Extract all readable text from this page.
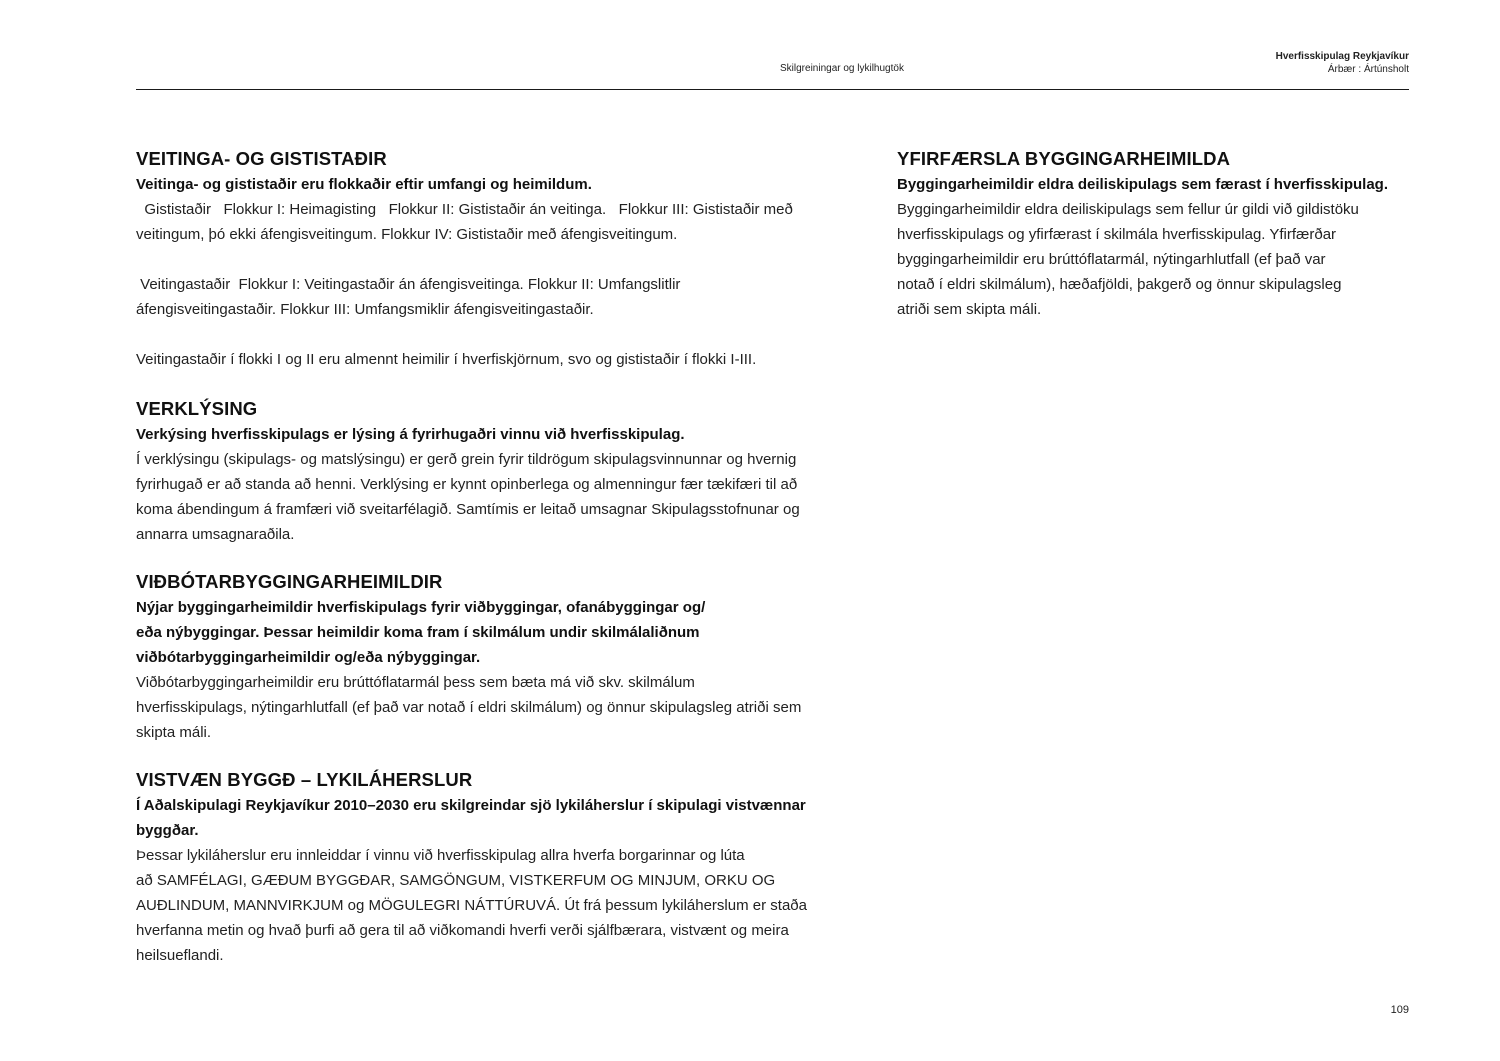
Skilgreiningar og lykilhugtök
Hverfisskipulag Reykjavíkur
Árbær : Ártúnsholt
VEITINGA- OG GISTISTAÐIR

Veitinga- og gististaðir eru flokkaðir eftir umfangi og heimildum.

Gististaðir   Flokkur I: Heimagisting   Flokkur II: Gististaðir án veitinga.   Flokkur III: Gististaðir með

veitingum, þó ekki áfengisveitingum. Flokkur IV: Gististaðir með áfengisveitingum.

Veitingastaðir  Flokkur I: Veitingastaðir án áfengisveitinga. Flokkur II: Umfangslitlir

áfengisveitingastaðir. Flokkur III: Umfangsmiklir áfengisveitingastaðir.

Veitingastaðir í flokki I og II eru almennt heimilir í hverfiskjörnum, svo og gististaðir í flokki I-III.

VERKLÝSING

Verkýsing hverfisskipulags er lýsing á fyrirhugaðri vinnu við hverfisskipulag.

Í verklýsingu (skipulags- og matslýsingu) er gerð grein fyrir tildrögum skipulagsvinnunnar og hvernig

fyrirhugað er að standa að henni. Verklýsing er kynnt opinberlega og almenningur fær tækifæri til að

koma ábendingum á framfæri við sveitarfélagið. Samtímis er leitað umsagnar Skipulagsstofnunar og

annarra umsagnaraðila.

VIÐBÓTARBYGGINGARHEIMILDIR

Nýjar byggingarheimildir hverfiskipulags fyrir viðbyggingar, ofanábyggingar og/

eða nýbyggingar. Þessar heimildir koma fram í skilmálum undir skilmálaliðnum

viðbótarbyggingarheimildir og/eða nýbyggingar.

Viðbótarbyggingarheimildir eru brúttóflatarmál þess sem bæta má við skv. skilmálum

hverfisskipulags, nýtingarhlutfall (ef það var notað í eldri skilmálum) og önnur skipulagsleg atriði sem

skipta máli.

VISTVÆN BYGGÐ – LYKILÁHERSLUR

Í Aðalskipulagi Reykjavíkur 2010–2030 eru skilgreindar sjö lykiláherslur í skipulagi vistvænnar

byggðar.

Þessar lykiláherslur eru innleiddar í vinnu við hverfisskipulag allra hverfa borgarinnar og lúta

að SAMFÉLAGI, GÆÐUM BYGGÐAR, SAMGÖNGUM, VISTKERFUM OG MINJUM, ORKU OG

AUÐLINDUM, MANNVIRKJUM og MÖGULEGRI NÁTTÚRUVÁ. Út frá þessum lykiláherslum er staða

hverfanna metin og hvað þurfi að gera til að viðkomandi hverfi verði sjálfbærara, vistvænt og meira

heilsueflandi.

YFIRFÆRSLA BYGGINGARHEIMILDA

Byggingarheimildir eldra deiliskipulags sem færast í hverfisskipulag.

Byggingarheimildir eldra deiliskipulags sem fellur úr gildi við gildistöku

hverfisskipulags og yfirfærast í skilmála hverfisskipulag. Yfirfærðar

byggingarheimildir eru brúttóflatarmál, nýtingarhlutfall (ef það var

notað í eldri skilmálum), hæðafjöldi, þakgerð og önnur skipulagsleg

atriði sem skipta máli.

109
